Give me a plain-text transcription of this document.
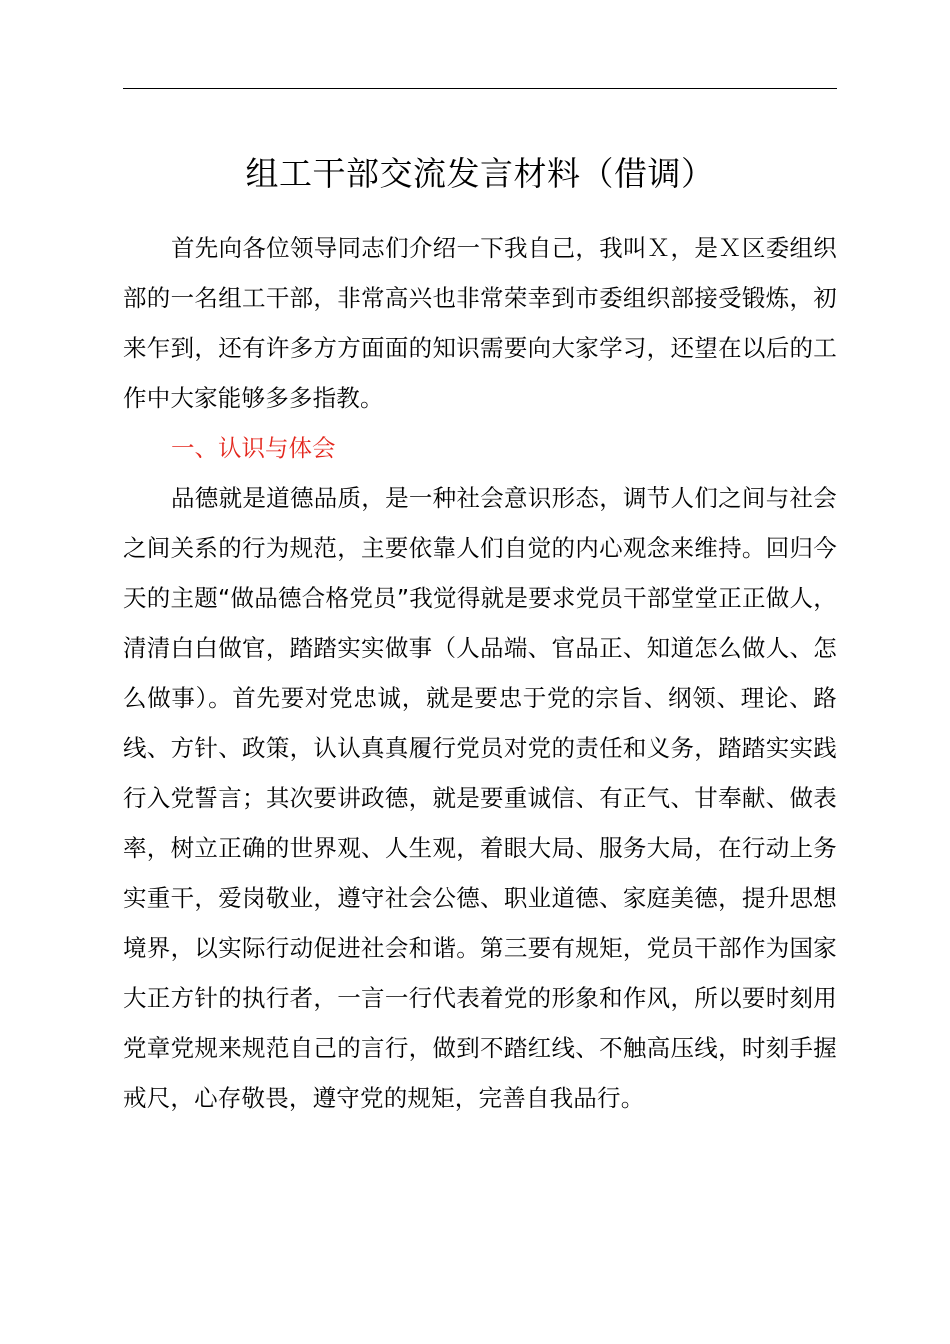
组工干部交流发言材料（借调）

首先向各位领导同志们介绍一下我自己，我叫Ｘ，是Ｘ区委组织部的一名组工干部，非常高兴也非常荣幸到市委组织部接受锻炼，初来乍到，还有许多方方面面的知识需要向大家学习，还望在以后的工作中大家能够多多指教。

一、认识与体会

品德就是道德品质，是一种社会意识形态，调节人们之间与社会之间关系的行为规范，主要依靠人们自觉的内心观念来维持。回归今天的主题“做品德合格党员”我觉得就是要求党员干部堂堂正正做人，清清白白做官，踏踏实实做事（人品端、官品正、知道怎么做人、怎么做事）。首先要对党忠诚，就是要忠于党的宗旨、纲领、理论、路线、方针、政策，认认真真履行党员对党的责任和义务，踏踏实实践行入党誓言；其次要讲政德，就是要重诚信、有正气、甘奉献、做表率，树立正确的世界观、人生观，着眼大局、服务大局，在行动上务实重干，爱岗敬业，遵守社会公德、职业道德、家庭美德，提升思想境界，以实际行动促进社会和谐。第三要有规矩，党员干部作为国家大正方针的执行者，一言一行代表着党的形象和作风，所以要时刻用党章党规来规范自己的言行，做到不踏红线、不触高压线，时刻手握戒尺，心存敬畏，遵守党的规矩，完善自我品行。
